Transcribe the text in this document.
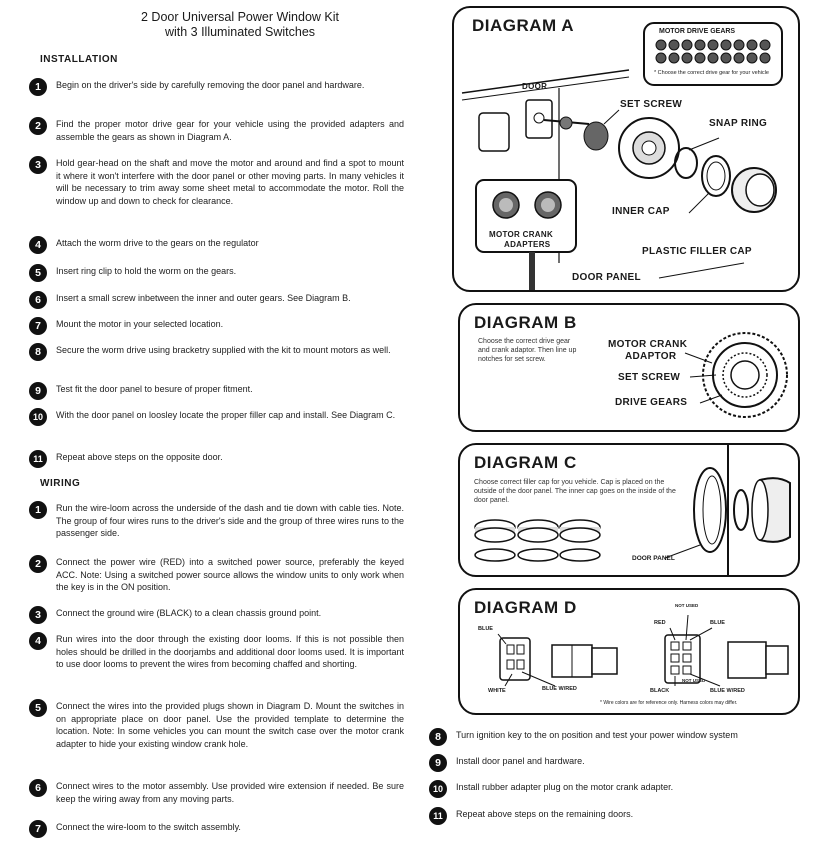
2 Door Universal Power Window Kit
with 3 Illuminated Switches
INSTALLATION
1	Begin on the driver's side by carefully removing the door panel and hardware.
2	Find the proper motor drive gear for your vehicle using the provided adapters and assemble the gears as shown in Diagram A.
3	Hold gear-head on the shaft and move the motor and around and find a spot to mount it where it won't interfere with the door panel or other moving parts. In many vehicles it will be necessary to trim away some sheet metal to accommodate the motor. Roll the window up and down to check for clearance.
4	Attach the worm drive to the gears on the regulator
5	Insert ring clip to hold the worm on the gears.
6	Insert a small screw inbetween the inner and outer gears. See Diagram B.
7	Mount the motor in your selected location.
8	Secure the worm drive using bracketry supplied with the kit to mount motors as well.
9	Test fit the door panel to besure of proper fitment.
10	With the door panel on loosley locate the proper filler cap and install. See Diagram C.
11	Repeat above steps on the opposite door.
WIRING
1	Run the wire-loom across the underside of the dash and tie down with cable ties. Note. The group of four wires runs to the driver's side and the group of three wires runs to the passenger side.
2	Connect the power wire (RED) into a switched power source, preferably the keyed ACC. Note: Using a switched power source allows the window units to only work when the key is in the ON position.
3	Connect the ground wire (BLACK) to a clean chassis ground point.
4	Run wires into the door through the existing door looms. If this is not possible then holes should be drilled in the doorjambs and additional door looms used. It is important to use door looms to prevent the wires from becoming chaffed and shorting.
5	Connect the wires into the provided plugs shown in Diagram D. Mount the switches in on appropriate place on door panel. Use the provided template to determine the location. Note: In some vehicles you can mount the switch case over the motor crank adapter to hide your existing window crank hole.
6	Connect wires to the motor assembly. Use provided wire extension if needed. Be sure keep the wiring away from any moving parts.
7	Connect the wire-loom to the switch assembly.
8	Turn ignition key to the on position and test your power window system
9	Install door panel and hardware.
10	Install rubber adapter plug on the motor crank adapter.
11	Repeat above steps on the remaining doors.
DIAGRAM A	MOTOR DRIVE GEARS
* Choose the correct drive gear for your vehicle
DOOR
SET SCREW
SNAP RING
INNER CAP
MOTOR CRANK
ADAPTERS
PLASTIC FILLER CAP
DOOR PANEL
DIAGRAM B
Choose the correct drive gear and crank adaptor. Then line up notches for set screw.
MOTOR CRANK
ADAPTOR
SET SCREW
DRIVE GEARS
DIAGRAM C
Choose correct filler cap for you vehicle. Cap is placed on the outside of the door panel. The inner cap goes on the inside of the door panel.
DOOR PANEL
DIAGRAM D
BLUE
WHITE	BLUE W/RED
NOT USED
RED	BLUE
NOT USED
BLACK	BLUE W/RED
* Wire colors are for reference only. Harness colors may differ.
